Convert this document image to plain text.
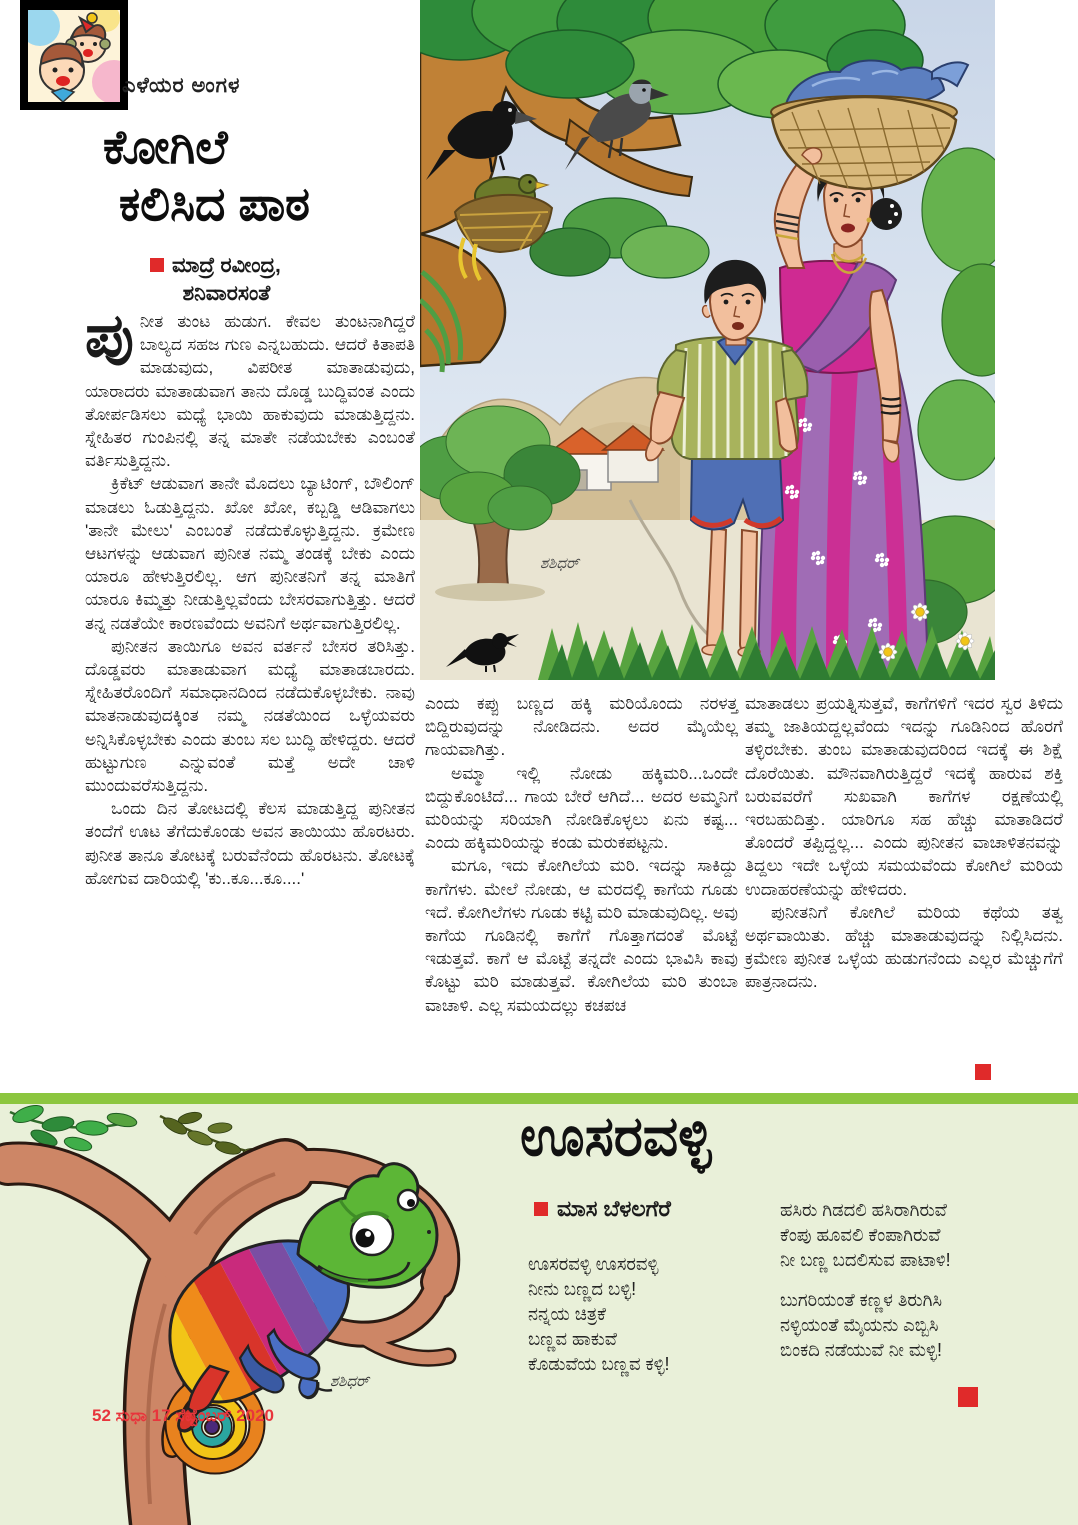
ಎಳೆಯರ ಅಂಗಳ
ಕೋಗಿಲೆ
ಕಲಿಸಿದ ಪಾಠ
ಮಾದ್ರೆ ರವೀಂದ್ರ,
ಶನಿವಾರಸಂತೆ

ಪುನೀತ ತುಂಟ ಹುಡುಗ. ಕೇವಲ ತುಂಟನಾಗಿದ್ದರೆ ಬಾಲ್ಯದ ಸಹಜ ಗುಣ ಎನ್ನಬಹುದು. ಆದರೆ ಕಿತಾಪತಿ ಮಾಡುವುದು, ವಿಪರೀತ ಮಾತಾಡುವುದು, ಯಾರಾದರು ಮಾತಾಡುವಾಗ ತಾನು ದೊಡ್ಡ ಬುದ್ಧಿವಂತ ಎಂದು ತೋರ್ಪಡಿಸಲು ಮಧ್ಯೆ ಭಾಯಿ ಹಾಕುವುದು ಮಾಡುತ್ತಿದ್ದನು. ಸ್ನೇಹಿತರ ಗುಂಪಿನಲ್ಲಿ ತನ್ನ ಮಾತೇ ನಡೆಯಬೇಕು ಎಂಬಂತೆ ವರ್ತಿಸುತ್ತಿದ್ದನು.

ಕ್ರಿಕೆಟ್ ಆಡುವಾಗ ತಾನೇ ಮೊದಲು ಬ್ಯಾಟಿಂಗ್, ಬೌಲಿಂಗ್ ಮಾಡಲು ಓಡುತ್ತಿದ್ದನು. ಖೋ ಖೋ, ಕಬ್ಬಡ್ಡಿ ಆಡಿವಾಗಲು 'ತಾನೇ ಮೇಲು' ಎಂಬಂತೆ ನಡೆದುಕೊಳ್ಳುತ್ತಿದ್ದನು. ಕ್ರಮೇಣ ಆಟಗಳನ್ನು ಆಡುವಾಗ ಪುನೀತ ನಮ್ಮ ತಂಡಕ್ಕೆ ಬೇಕು ಎಂದು ಯಾರೂ ಹೇಳುತ್ತಿರಲಿಲ್ಲ. ಆಗ ಪುನೀತನಿಗೆ ತನ್ನ ಮಾತಿಗೆ ಯಾರೂ ಕಿಮ್ಮತ್ತು ನೀಡುತ್ತಿಲ್ಲವೆಂದು ಬೇಸರವಾಗುತ್ತಿತ್ತು. ಆದರೆ ತನ್ನ ನಡತೆಯೇ ಕಾರಣವೆಂದು ಅವನಿಗೆ ಅರ್ಥವಾಗುತ್ತಿರಲಿಲ್ಲ.

ಪುನೀತನ ತಾಯಿಗೂ ಅವನ ವರ್ತನೆ ಬೇಸರ ತರಿಸಿತ್ತು. ದೊಡ್ಡವರು ಮಾತಾಡುವಾಗ ಮಧ್ಯೆ ಮಾತಾಡಬಾರದು. ಸ್ನೇಹಿತರೊಂದಿಗೆ ಸಮಾಧಾನದಿಂದ ನಡೆದುಕೊಳ್ಳಬೇಕು. ನಾವು ಮಾತನಾಡುವುದಕ್ಕಿಂತ ನಮ್ಮ ನಡತೆಯಿಂದ ಒಳ್ಳೆಯವರು ಅನ್ನಿಸಿಕೊಳ್ಳಬೇಕು ಎಂದು ತುಂಬ ಸಲ ಬುದ್ಧಿ ಹೇಳಿದ್ದರು. ಆದರೆ ಹುಟ್ಟುಗುಣ ಎನ್ನುವಂತೆ ಮತ್ತೆ ಅದೇ ಚಾಳಿ ಮುಂದುವರೆಸುತ್ತಿದ್ದನು.

ಒಂದು ದಿನ ತೋಟದಲ್ಲಿ ಕೆಲಸ ಮಾಡುತ್ತಿದ್ದ ಪುನೀತನ ತಂದೆಗೆ ಊಟ ತೆಗೆದುಕೊಂಡು ಅವನ ತಾಯಿಯು ಹೊರಟರು. ಪುನೀತ ತಾನೂ ತೋಟಕ್ಕೆ ಬರುವೆನೆಂದು ಹೊರಟನು. ತೋಟಕ್ಕೆ ಹೋಗುವ ದಾರಿಯಲ್ಲಿ 'ಕು..ಕೂ...ಕೂ....'

ಶಶಿಧರ್

ಎಂದು ಕಪ್ಪು ಬಣ್ಣದ ಹಕ್ಕಿ ಮರಿಯೊಂದು ನರಳತ್ತ ಬಿದ್ದಿರುವುದನ್ನು ನೋಡಿದನು. ಅದರ ಮೈಯೆಲ್ಲ ಗಾಯವಾಗಿತ್ತು.

ಅಮ್ಮಾ ಇಲ್ಲಿ ನೋಡು ಹಕ್ಕಿಮರಿ...ಒಂದೇ ಬಿದ್ದುಕೊಂಟಿದೆ... ಗಾಯ ಬೇರೆ ಆಗಿದೆ... ಅದರ ಅಮ್ಮನಿಗೆ ಮರಿಯನ್ನು ಸರಿಯಾಗಿ ನೋಡಿಕೊಳ್ಳಲು ಏನು ಕಷ್ಟ... ಎಂದು ಹಕ್ಕಿಮರಿಯನ್ನು ಕಂಡು ಮರುಕಪಟ್ಟನು.

ಮಗೂ, ಇದು ಕೋಗಿಲೆಯ ಮರಿ. ಇದನ್ನು ಸಾಕಿದ್ದು ಕಾಗೆಗಳು. ಮೇಲೆ ನೋಡು, ಆ ಮರದಲ್ಲಿ ಕಾಗೆಯ ಗೂಡು ಇದೆ. ಕೋಗಿಲೆಗಳು ಗೂಡು ಕಟ್ಟಿ ಮರಿ ಮಾಡುವುದಿಲ್ಲ. ಅವು ಕಾಗೆಯ ಗೂಡಿನಲ್ಲಿ ಕಾಗೆಗೆ ಗೊತ್ತಾಗದಂತೆ ಮೊಟ್ಟೆ ಇಡುತ್ತವೆ. ಕಾಗೆ ಆ ಮೊಟ್ಟೆ ತನ್ನದೇ ಎಂದು ಭಾವಿಸಿ ಕಾವು ಕೊಟ್ಟು ಮರಿ ಮಾಡುತ್ತವೆ. ಕೋಗಿಲೆಯ ಮರಿ ತುಂಬಾ ವಾಚಾಳಿ. ಎಲ್ಲ ಸಮಯದಲ್ಲು ಕಚಪಚ

ಮಾತಾಡಲು ಪ್ರಯತ್ನಿಸುತ್ತವೆ, ಕಾಗೆಗಳಿಗೆ ಇದರ ಸ್ವರ ತಿಳಿದು ತಮ್ಮ ಜಾತಿಯದ್ದಲ್ಲವೆಂದು ಇದನ್ನು ಗೂಡಿನಿಂದ ಹೊರಗೆ ತಳ್ಳಿರಬೇಕು. ತುಂಬ ಮಾತಾಡುವುದರಿಂದ ಇದಕ್ಕೆ ಈ ಶಿಕ್ಷೆ ದೊರೆಯಿತು. ಮೌನವಾಗಿರುತ್ತಿದ್ದರೆ ಇದಕ್ಕೆ ಹಾರುವ ಶಕ್ತಿ ಬರುವವರೆಗೆ ಸುಖವಾಗಿ ಕಾಗೆಗಳ ರಕ್ಷಣೆಯಲ್ಲಿ ಇರಬಹುದಿತ್ತು. ಯಾರಿಗೂ ಸಹ ಹೆಚ್ಚು ಮಾತಾಡಿದರೆ ತೊಂದರೆ ತಪ್ಪಿದ್ದಲ್ಲ... ಎಂದು ಪುನೀತನ ವಾಚಾಳಿತನವನ್ನು ತಿದ್ದಲು ಇದೇ ಒಳ್ಳೆಯ ಸಮಯವೆಂದು ಕೋಗಿಲೆ ಮರಿಯ ಉದಾಹರಣೆಯನ್ನು ಹೇಳಿದರು.

ಪುನೀತನಿಗೆ ಕೋಗಿಲೆ ಮರಿಯ ಕಥೆಯ ತತ್ವ ಅರ್ಥವಾಯಿತು. ಹೆಚ್ಚು ಮಾತಾಡುವುದನ್ನು ನಿಲ್ಲಿಸಿದನು. ಕ್ರಮೇಣ ಪುನೀತ ಒಳ್ಳೆಯ ಹುಡುಗನೆಂದು ಎಲ್ಲರ ಮೆಚ್ಚುಗೆಗೆ ಪಾತ್ರನಾದನು.

ಶಶಿಧರ್
ಊಸರವಳ್ಳಿ
ಮಾಸ ಬೆಳಲಗೆರೆ
ಊಸರವಳ್ಳಿ ಊಸರವಳ್ಳಿ
ನೀನು ಬಣ್ಣದ ಬಳ್ಳಿ!
ನನ್ನಯ ಚಿತ್ರಕೆ
ಬಣ್ಣವ ಹಾಕುವೆ
ಕೊಡುವೆಯ ಬಣ್ಣವ ಕಳ್ಳಿ!
ಹಸಿರು ಗಿಡದಲಿ ಹಸಿರಾಗಿರುವೆ
ಕೆಂಪು ಹೂವಲಿ ಕೆಂಪಾಗಿರುವೆ
ನೀ ಬಣ್ಣ ಬದಲಿಸುವ ಪಾಟಾಳಿ!
ಬುಗರಿಯಂತೆ ಕಣ್ಣಳ ತಿರುಗಿಸಿ
ನಳ್ಳಿಯಂತೆ ಮೈಯನು ಎಬ್ಬಿಸಿ
ಬಿಂಕದಿ ನಡೆಯುವೆ ನೀ ಮಳ್ಳಿ!
52 ಸುಧಾ 17 ಸೆಪ್ಟೆಂಬರ್ 2020
